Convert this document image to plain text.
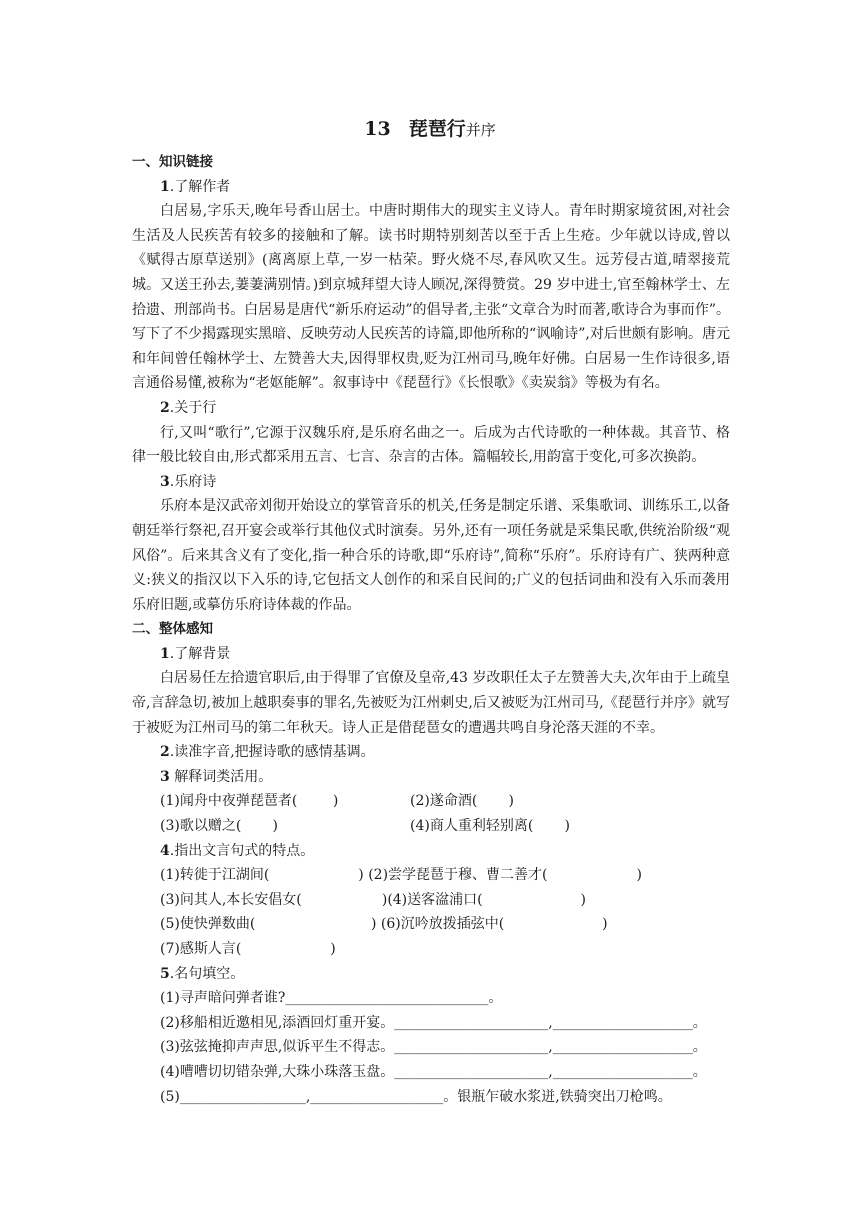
13 琵琶行并序

一、知识链接

1.了解作者

白居易,字乐天,晚年号香山居士。中唐时期伟大的现实主义诗人。青年时期家境贫困,对社会生活及人民疾苦有较多的接触和了解。读书时期特别刻苦以至于舌上生疮。少年就以诗成,曾以《赋得古原草送别》(离离原上草,一岁一枯荣。野火烧不尽,春风吹又生。远芳侵古道,晴翠接荒城。又送王孙去,萋萋满别情。)到京城拜望大诗人顾况,深得赞赏。29 岁中进士,官至翰林学士、左拾遗、刑部尚书。白居易是唐代“新乐府运动”的倡导者,主张“文章合为时而著,歌诗合为事而作”。写下了不少揭露现实黑暗、反映劳动人民疾苦的诗篇,即他所称的“讽喻诗”,对后世颇有影响。唐元和年间曾任翰林学士、左赞善大夫,因得罪权贵,贬为江州司马,晚年好佛。白居易一生作诗很多,语言通俗易懂,被称为“老妪能解”。叙事诗中《琵琶行》《长恨歌》《卖炭翁》等极为有名。

2.关于行

行,又叫“歌行”,它源于汉魏乐府,是乐府名曲之一。后成为古代诗歌的一种体裁。其音节、格律一般比较自由,形式都采用五言、七言、杂言的古体。篇幅较长,用韵富于变化,可多次换韵。

3.乐府诗

乐府本是汉武帝刘彻开始设立的掌管音乐的机关,任务是制定乐谱、采集歌词、训练乐工,以备朝廷举行祭祀,召开宴会或举行其他仪式时演奏。另外,还有一项任务就是采集民歌,供统治阶级“观风俗”。后来其含义有了变化,指一种合乐的诗歌,即“乐府诗”,简称“乐府”。乐府诗有广、狭两种意义:狭义的指汉以下入乐的诗,它包括文人创作的和采自民间的;广义的包括词曲和没有入乐而袭用乐府旧题,或摹仿乐府诗体裁的作品。

二、整体感知

1.了解背景

白居易任左拾遗官职后,由于得罪了官僚及皇帝,43 岁改职任太子左赞善大夫,次年由于上疏皇帝,言辞急切,被加上越职奏事的罪名,先被贬为江州刺史,后又被贬为江州司马,《琵琶行并序》就写于被贬为江州司马的第二年秋天。诗人正是借琵琶女的遭遇共鸣自身沦落天涯的不幸。

2.读准字音,把握诗歌的感情基调。

3 解释词类活用。

(1)闻舟中夜弹琵琶者(        )	(2)遂命酒(       )

(3)歌以赠之(       )	(4)商人重利轻别离(       )

4.指出文言句式的特点。

(1)转徙于江湖间(                    ) (2)尝学琵琶于穆、曹二善才(                    )

(3)问其人,本长安倡女(                  )(4)送客湓浦口(                      )

(5)使快弹数曲(                          ) (6)沉吟放拨插弦中(                      )

(7)感斯人言(                    )

5.名句填空。

(1)寻声暗问弹者谁?_____________________________。

(2)移船相近邀相见,添酒回灯重开宴。______________________,____________________。

(3)弦弦掩抑声声思,似诉平生不得志。______________________,____________________。

(4)嘈嘈切切错杂弹,大珠小珠落玉盘。______________________,____________________。

(5)__________________,___________________。银瓶乍破水浆迸,铁骑突出刀枪鸣。
